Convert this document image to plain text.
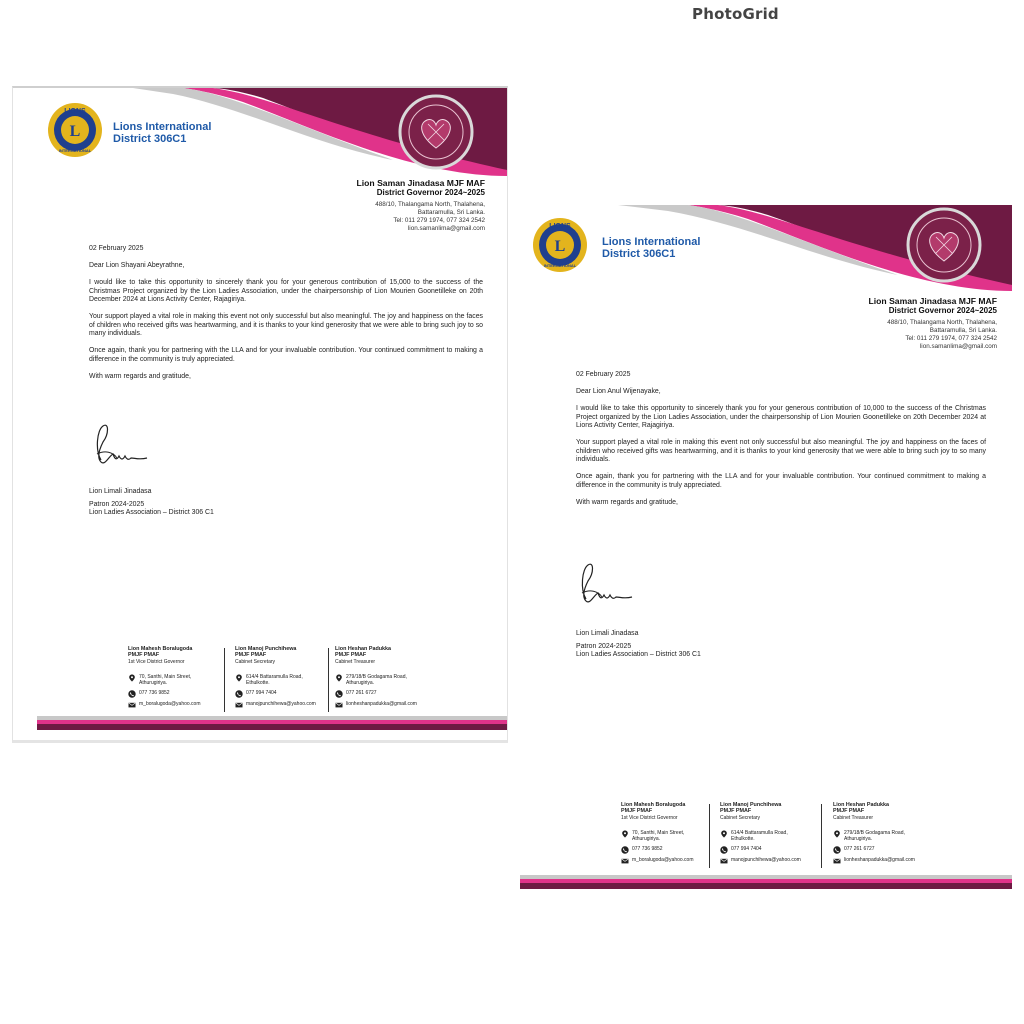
PhotoGrid
L
LIONS
INTERNATIONAL
Lions International
District 306C1
Lion Saman Jinadasa MJF MAF
District Governor 2024~2025
488/10, Thalangama North, Thalahena,
Battaramulla, Sri Lanka.
Tel: 011 279 1974, 077 324 2542
lion.samanlima@gmail.com

02 February 2025

Dear Lion Shayani Abeyrathne,

I would like to take this opportunity to sincerely thank you for your generous contribution of 15,000 to the success of the Christmas Project organized by the Lion Ladies Association, under the chairpersonship of Lion Mourien Goonetilleke on 20th December 2024 at Lions Activity Center, Rajagiriya.

Your support played a vital role in making this event not only successful but also meaningful. The joy and happiness on the faces of children who received gifts was heartwarming, and it is thanks to your kind generosity that we were able to bring such joy to so many individuals.

Once again, thank you for partnering with the LLA and for your invaluable contribution. Your continued commitment to making a difference in the community is truly appreciated.

With warm regards and gratitude,

Lion Limali Jinadasa
Patron 2024-2025
Lion Ladies Association – District 306 C1
Lion Mahesh Boralugoda
PMJF PMAF
1st Vice District Governor
70, Santhi, Main Street,
Athurugiriya.
077 736 9852
m_boralugoda@yahoo.com
Lion Manoj Punchihewa
PMJF PMAF
Cabinet Secretary
614/4 Battaramulla Road,
Ethulkotte.
077 994 7404
manojpunchihewa@yahoo.com
Lion Heshan Padukka
PMJF PMAF
Cabinet Treasurer
279/18/B Godagama Road,
Athurugiriya.
077 261 6727
lionheshanpadukka@gmail.com
L
LIONS
INTERNATIONAL
Lions International
District 306C1
Lion Saman Jinadasa MJF MAF
District Governor 2024~2025
488/10, Thalangama North, Thalahena,
Battaramulla, Sri Lanka.
Tel: 011 279 1974, 077 324 2542
lion.samanlima@gmail.com

02 February 2025

Dear Lion Anul Wijenayake,

I would like to take this opportunity to sincerely thank you for your generous contribution of 10,000 to the success of the Christmas Project organized by the Lion Ladies Association, under the chairpersonship of Lion Mourien Goonetilleke on 20th December 2024 at Lions Activity Center, Rajagiriya.

Your support played a vital role in making this event not only successful but also meaningful. The joy and happiness on the faces of children who received gifts was heartwarming, and it is thanks to your kind generosity that we were able to bring such joy to so many individuals.

Once again, thank you for partnering with the LLA and for your invaluable contribution. Your continued commitment to making a difference in the community is truly appreciated.

With warm regards and gratitude,

Lion Limali Jinadasa
Patron 2024-2025
Lion Ladies Association – District 306 C1
Lion Mahesh Boralugoda
PMJF PMAF
1st Vice District Governor
70, Santhi, Main Street,
Athurugiriya.
077 736 9852
m_boralugoda@yahoo.com
Lion Manoj Punchihewa
PMJF PMAF
Cabinet Secretary
614/4 Battaramulla Road,
Ethulkotte.
077 994 7404
manojpunchihewa@yahoo.com
Lion Heshan Padukka
PMJF PMAF
Cabinet Treasurer
279/18/B Godagama Road,
Athurugiriya.
077 261 6727
lionheshanpadukka@gmail.com
